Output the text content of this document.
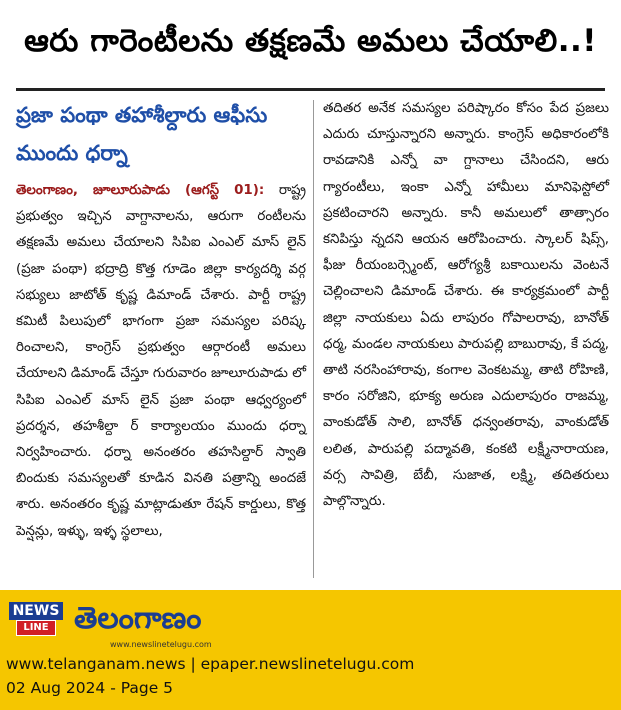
ఆరు గారెంటీలను తక్షణమే అమలు చేయాలి..!
ప్రజా పంథా తహాశీల్దారు ఆఫీసు ముందు ధర్నా
తెలంగాణం, జూలూరుపాడు (ఆగస్ట్ 01): రాష్ట్ర ప్రభుత్వం ఇచ్చిన వాగ్దానాలను, ఆరుగా రంటీలను తక్షణమే అమలు చేయాలని సిపిఐ ఎంఎల్ మాస్ లైన్ (ప్రజా పంథా) భద్రాద్రి కొత్త గూడెం జిల్లా కార్యదర్శి వర్గ సభ్యులు జాటోత్ కృష్ణ డిమాండ్ చేశారు. పార్టీ రాష్ట్ర కమిటీ పిలుపులో భాగంగా ప్రజా సమస్యల పరిష్క రించాలని, కాంగ్రెస్ ప్రభుత్వం ఆర్గారంటీ అమలు చేయాలని డిమాండ్ చేస్తూ గురువారం జూలూరుపాడు లో సిపిఐ ఎంఎల్ మాస్ లైన్ ప్రజా పంథా ఆధ్వర్యంలో ప్రదర్శన, తహశీల్దా ర్ కార్యాలయం ముందు ధర్నా నిర్వహించారు. ధర్నా అనంతరం తహసిల్దార్ స్వాతి బిందుకు సమస్యలతో కూడిన వినతి పత్రాన్ని అందజే శారు. అనంతరం కృష్ణ మాట్లాడుతూ రేషన్ కార్డులు, కొత్త పెన్షన్లు, ఇళ్ళు, ఇళ్ళ స్థలాలు,
తదితర అనేక సమస్యల పరిష్కారం కోసం పేద ప్రజలు ఎదురు చూస్తున్నారని అన్నారు. కాంగ్రెస్ అధికారంలోకి రావడానికి ఎన్నో వా గ్దానాలు చేసిందని, ఆరు గ్యారంటీలు, ఇంకా ఎన్నో హామీలు మానిఫెస్టోలో ప్రకటించారని అన్నారు. కానీ అమలులో తాత్సారం కనిపిస్తు న్నదని ఆయన ఆరోపించారు. స్కాలర్ షిప్స్, ఫీజు రీయంబర్స్మెంట్, ఆరోగ్యశ్రీ బకాయిలను వెంటనే చెల్లించాలని డిమాండ్ చేశారు. ఈ కార్యక్రమంలో పార్టీ జిల్లా నాయకులు ఏదు లాపురం గోపాలరావు, బానోత్ ధర్మ, మండల నాయకులు పారుపల్లి బాబురావు, కే పద్మ, తాటి నరసింహారావు, కంగాల వెంకటమ్మ, తాటి రోహిణి, కారం సరోజిని, భూక్య అరుణ ఎదులాపురం రాజమ్మ, వాంకుడోత్ సాలి, బానోత్ ధన్వంతరావు, వాంకుడోత్ లలిత, పారుపల్లి పద్మావతి, కంకటి లక్ష్మీనారాయణ, వర్స సావిత్రి, బేబీ, సుజాత, లక్ష్మి, తదితరులు పాల్గొన్నారు.
NEWS
LINE తెలంగాణం
www.newslinetelugu.com
www.telanganam.news | epaper.newslinetelugu.com
02 Aug 2024 - Page 5
